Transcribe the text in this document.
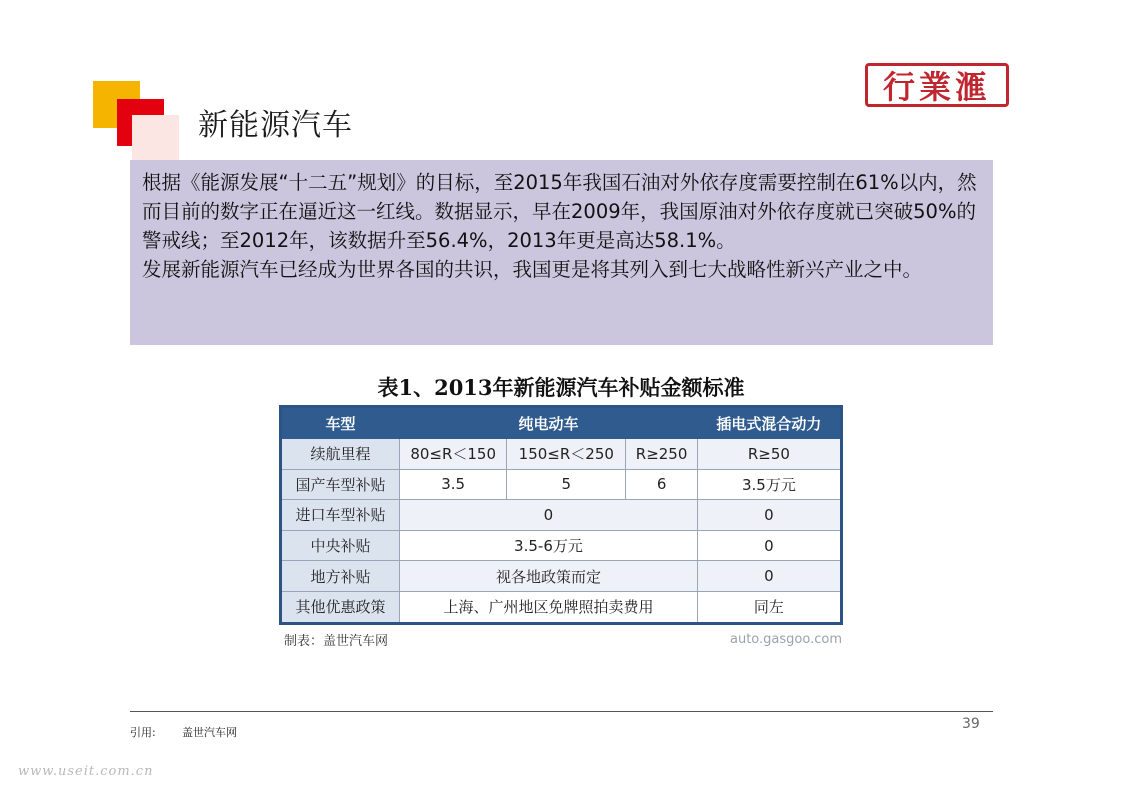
新能源汽车
行業滙

根据《能源发展“十二五”规划》的目标，至2015年我国石油对外依存度需要控制在61%以内，然而目前的数字正在逼近这一红线。数据显示，早在2009年，我国原油对外依存度就已突破50%的警戒线；至2012年，该数据升至56.4%，2013年更是高达58.1%。

发展新能源汽车已经成为世界各国的共识，我国更是将其列入到七大战略性新兴产业之中。

表1、2013年新能源汽车补贴金额标准
车型	纯电动车			插电式混合动力
续航里程	80≤R＜150	150≤R＜250	R≥250	R≥50
国产车型补贴	3.5	5	6	3.5万元
进口车型补贴	0			0
中央补贴	3.5-6万元			0
地方补贴	视各地政策而定			0
其他优惠政策	上海、广州地区免牌照拍卖费用			同左
制表：盖世汽车网	auto.gasgoo.com
引用: 盖世汽车网
39
www.useit.com.cn
